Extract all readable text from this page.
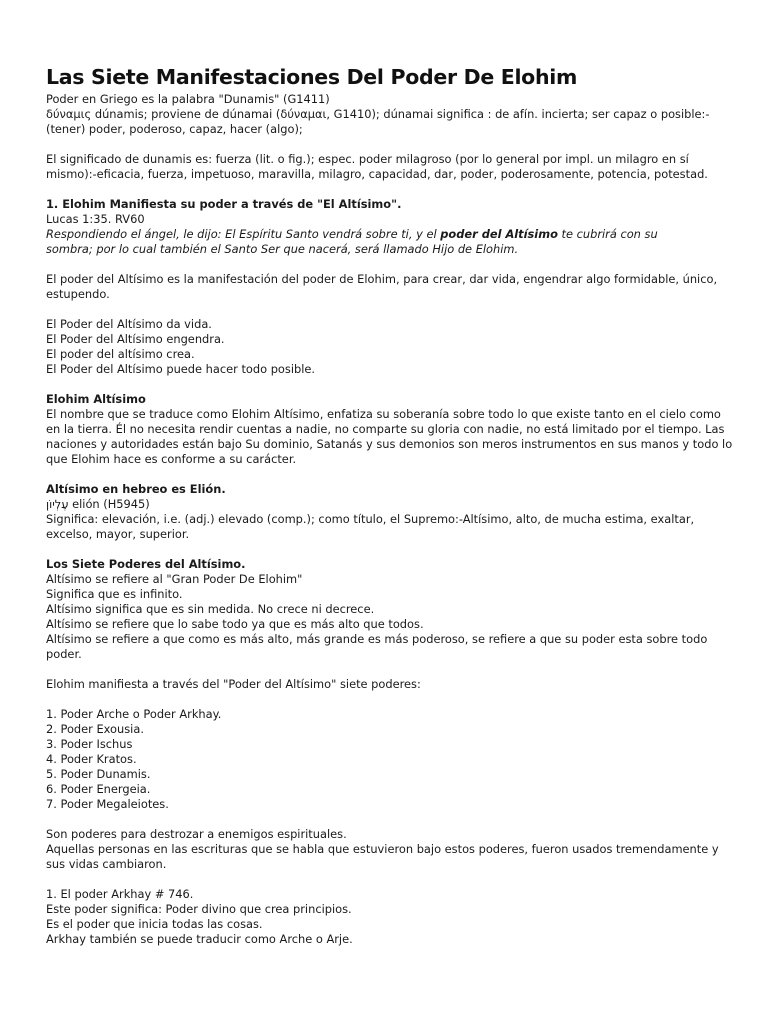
Las Siete Manifestaciones Del Poder De Elohim
Poder en Griego es la palabra "Dunamis" (G1411)
δύναμις dúnamis; proviene de dúnamai (δύναμαι, G1410); dúnamai significa : de afín. incierta; ser capaz o posible:-
(tener) poder, poderoso, capaz, hacer (algo);
El significado de dunamis es: fuerza (lit. o fig.); espec. poder milagroso (por lo general por impl. un milagro en sí
mismo):-eficacia, fuerza, impetuoso, maravilla, milagro, capacidad, dar, poder, poderosamente, potencia, potestad.
1. Elohim Manifiesta su poder a través de "El Altísimo".
Lucas 1:35. RV60
Respondiendo el ángel, le dijo: El Espíritu Santo vendrá sobre ti, y el poder del Altísimo te cubrirá con su
sombra; por lo cual también el Santo Ser que nacerá, será llamado Hijo de Elohim.
El poder del Altísimo es la manifestación del poder de Elohim, para crear, dar vida, engendrar algo formidable, único,
estupendo.
El Poder del Altísimo da vida.
El Poder del Altísimo engendra.
El poder del altísimo crea.
El Poder del Altísimo puede hacer todo posible.
Elohim Altísimo
El nombre que se traduce como Elohim Altísimo, enfatiza su soberanía sobre todo lo que existe tanto en el cielo como
en la tierra. Él no necesita rendir cuentas a nadie, no comparte su gloria con nadie, no está limitado por el tiempo. Las
naciones y autoridades están bajo Su dominio, Satanás y sus demonios son meros instrumentos en sus manos y todo lo
que Elohim hace es conforme a su carácter.
Altísimo en hebreo es Elión.
עֶלְיוֹן elión (H5945)
Significa: elevación, i.e. (adj.) elevado (comp.); como título, el Supremo:-Altísimo, alto, de mucha estima, exaltar,
excelso, mayor, superior.
Los Siete Poderes del Altísimo.
Altísimo se refiere al "Gran Poder De Elohim"
Significa que es infinito.
Altísimo significa que es sin medida. No crece ni decrece.
Altísimo se refiere que lo sabe todo ya que es más alto que todos.
Altísimo se refiere a que como es más alto, más grande es más poderoso, se refiere a que su poder esta sobre todo
poder.
Elohim manifiesta a través del "Poder del Altísimo" siete poderes:
1. Poder Arche o Poder Arkhay.
2. Poder Exousia.
3. Poder Ischus
4. Poder Kratos.
5. Poder Dunamis.
6. Poder Energeia.
7. Poder Megaleiotes.
Son poderes para destrozar a enemigos espirituales.
Aquellas personas en las escrituras que se habla que estuvieron bajo estos poderes, fueron usados tremendamente y
sus vidas cambiaron.
1. El poder Arkhay # 746.
Este poder significa: Poder divino que crea principios.
Es el poder que inicia todas las cosas.
Arkhay también se puede traducir como Arche o Arje.
